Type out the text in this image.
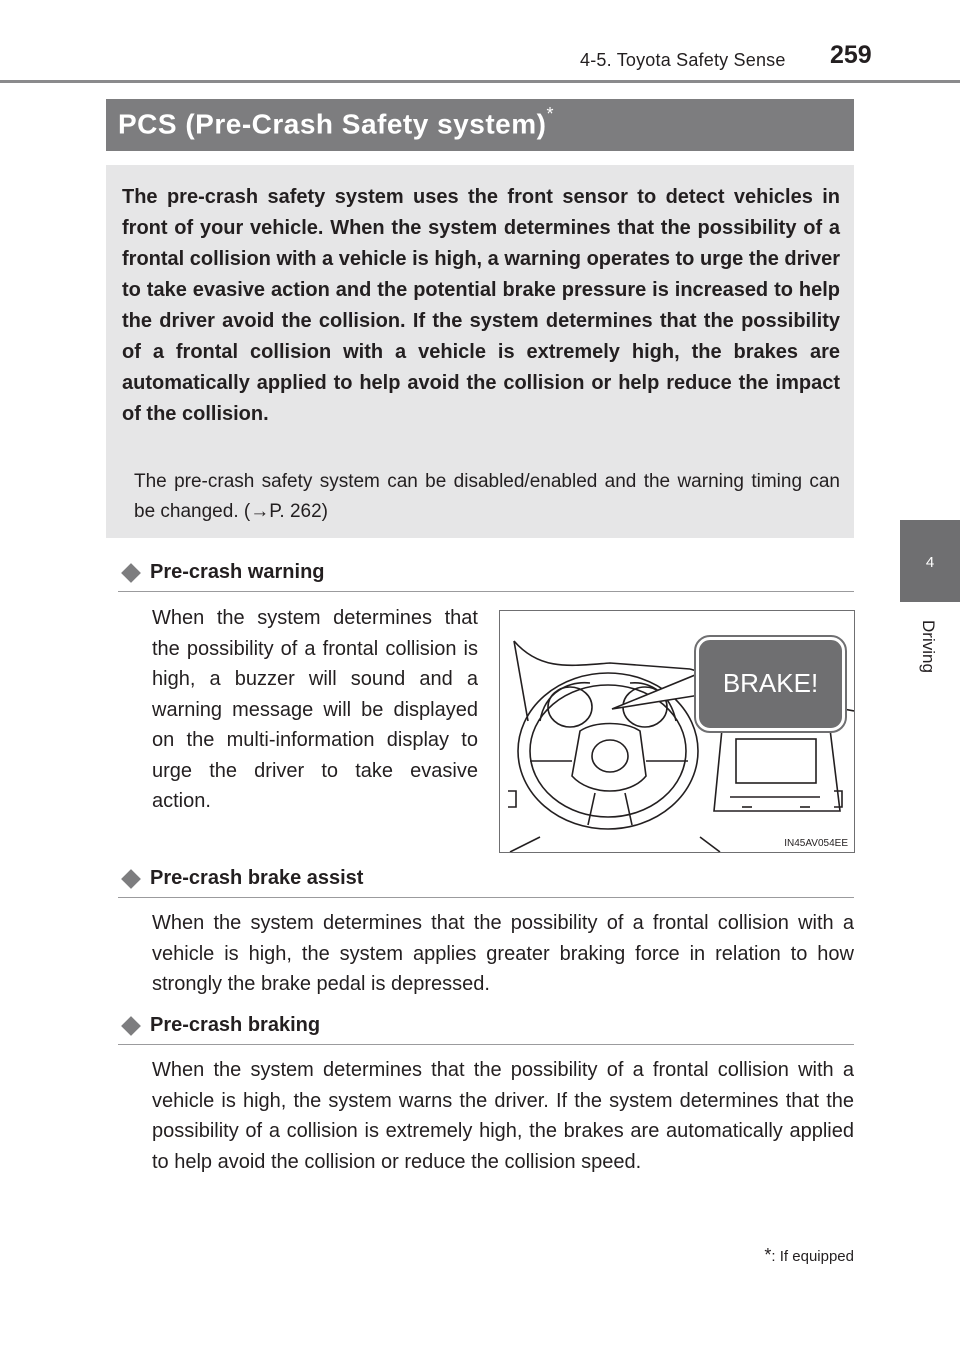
4-5. Toyota Safety Sense 259
4
Driving
PCS (Pre-Crash Safety system)*

The pre-crash safety system uses the front sensor to detect vehicles in front of your vehicle. When the system determines that the possibility of a frontal collision with a vehicle is high, a warning operates to urge the driver to take evasive action and the potential brake pressure is increased to help the driver avoid the collision. If the system determines that the possibility of a frontal collision with a vehicle is extremely high, the brakes are automatically applied to help avoid the collision or help reduce the impact of the collision.

The pre-crash safety system can be disabled/enabled and the warning timing can be changed. (→P. 262)

Pre-crash warning

When the system determines that the possibility of a frontal collision is high, a buzzer will sound and a warning message will be displayed on the multi-information display to urge the driver to take evasive action.

BRAKE!
IN45AV054EE
Pre-crash brake assist

When the system determines that the possibility of a frontal collision with a vehicle is high, the system applies greater braking force in relation to how strongly the brake pedal is depressed.

Pre-crash braking

When the system determines that the possibility of a frontal collision with a vehicle is high, the system warns the driver. If the system determines that the possibility of a collision is extremely high, the brakes are automatically applied to help avoid the collision or reduce the collision speed.

*: If equipped
